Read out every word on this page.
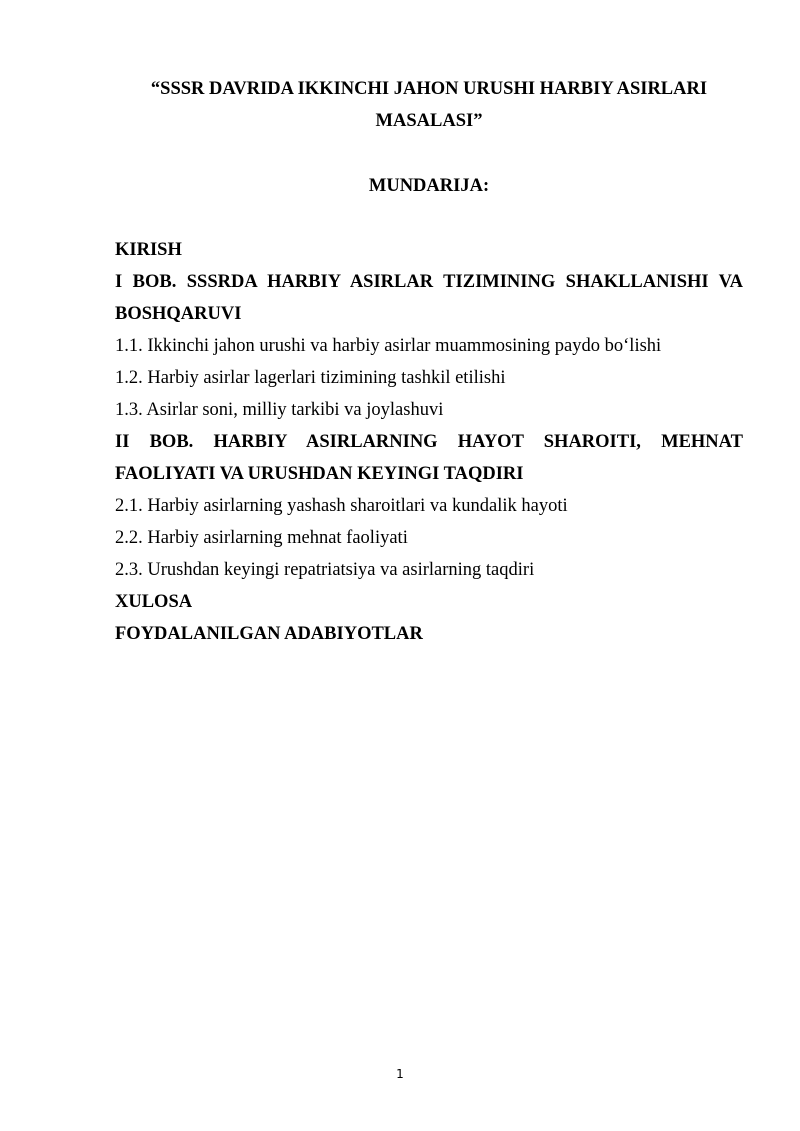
“SSSR DAVRIDA IKKINCHI JAHON URUSHI HARBIY ASIRLARI MASALASI”
MUNDARIJA:

KIRISH

I BOB. SSSRDA HARBIY ASIRLAR TIZIMINING SHAKLLANISHI VA
BOSHQARUVI

1.1. Ikkinchi jahon urushi va harbiy asirlar muammosining paydo bo‘lishi

1.2. Harbiy asirlar lagerlari tizimining tashkil etilishi

1.3. Asirlar soni, milliy tarkibi va joylashuvi

II BOB. HARBIY ASIRLARNING HAYOT SHAROITI, MEHNAT
FAOLIYATI VA URUSHDAN KEYINGI TAQDIRI

2.1. Harbiy asirlarning yashash sharoitlari va kundalik hayoti

2.2. Harbiy asirlarning mehnat faoliyati

2.3. Urushdan keyingi repatriatsiya va asirlarning taqdiri

XULOSA

FOYDALANILGAN ADABIYOTLAR

1
